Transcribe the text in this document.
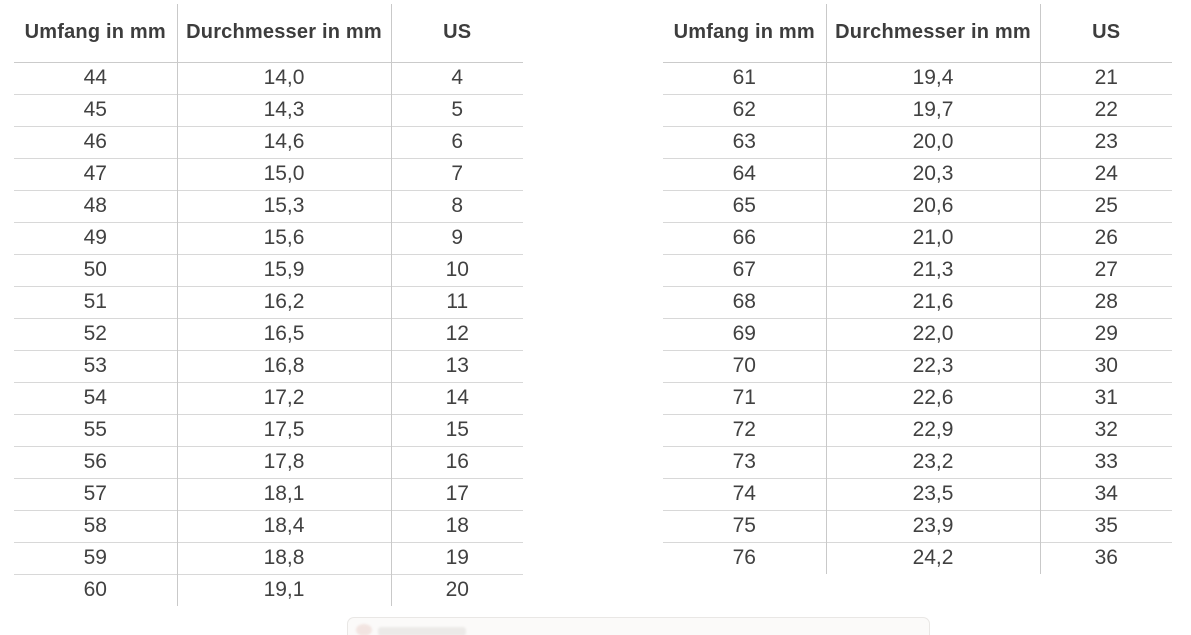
Umfang in mm	Durchmesser in mm	US
44	14,0	4
45	14,3	5
46	14,6	6
47	15,0	7
48	15,3	8
49	15,6	9
50	15,9	10
51	16,2	11
52	16,5	12
53	16,8	13
54	17,2	14
55	17,5	15
56	17,8	16
57	18,1	17
58	18,4	18
59	18,8	19
60	19,1	20
Umfang in mm	Durchmesser in mm	US
61	19,4	21
62	19,7	22
63	20,0	23
64	20,3	24
65	20,6	25
66	21,0	26
67	21,3	27
68	21,6	28
69	22,0	29
70	22,3	30
71	22,6	31
72	22,9	32
73	23,2	33
74	23,5	34
75	23,9	35
76	24,2	36
